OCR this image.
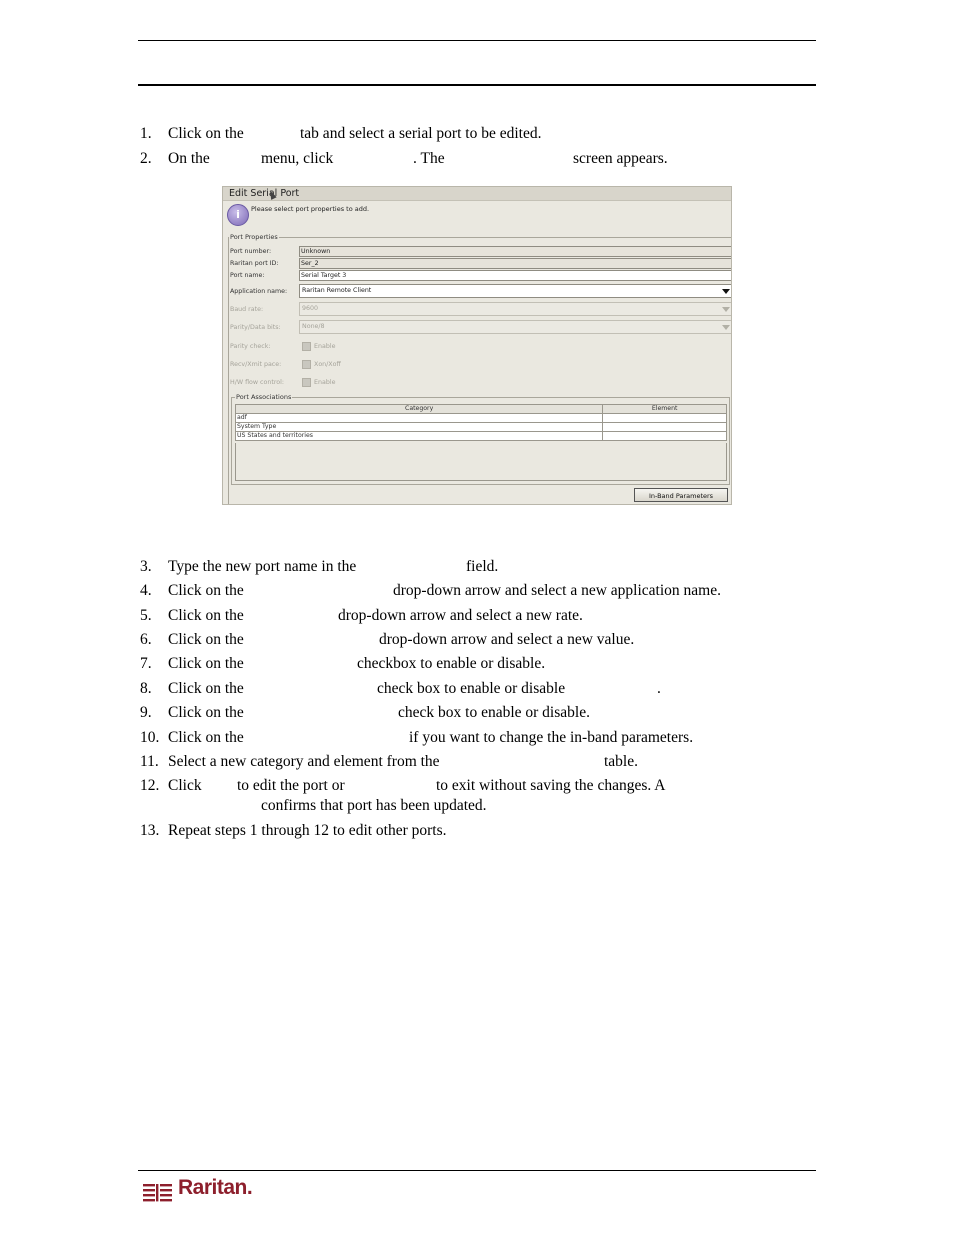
1. Click on the	tab and select a serial port to be edited.
2. On the	menu, click	. The	screen appears.
Edit Serial Port
i	Please select port properties to add.
Port Properties
Port number:	Unknown
Raritan port ID:	Ser_2
Port name:	Serial Target 3
Application name:	Raritan Remote Client
Baud rate:	9600
Parity/Data bits:	None/8
Parity check:	Enable
Recv/Xmit pace:	Xon/Xoff
H/W flow control:	Enable
Category	Element
adf	
System Type	
US States and territories	
Port Associations
In-Band Parameters
3. Type the new port name in the	field.
4. Click on the	drop-down arrow and select a new application name.
5. Click on the	drop-down arrow and select a new rate.
6. Click on the	drop-down arrow and select a new value.
7. Click on the	checkbox to enable or disable.
8. Click on the	check box to enable or disable	.
9. Click on the	check box to enable or disable.
10. Click on the	if you want to change the in-band parameters.
11. Select a new category and element from the	table.
12. Click to edit the port or	to exit without saving the changes. A
confirms that port has been updated.
13. Repeat steps 1 through 12 to edit other ports.
Raritan.
